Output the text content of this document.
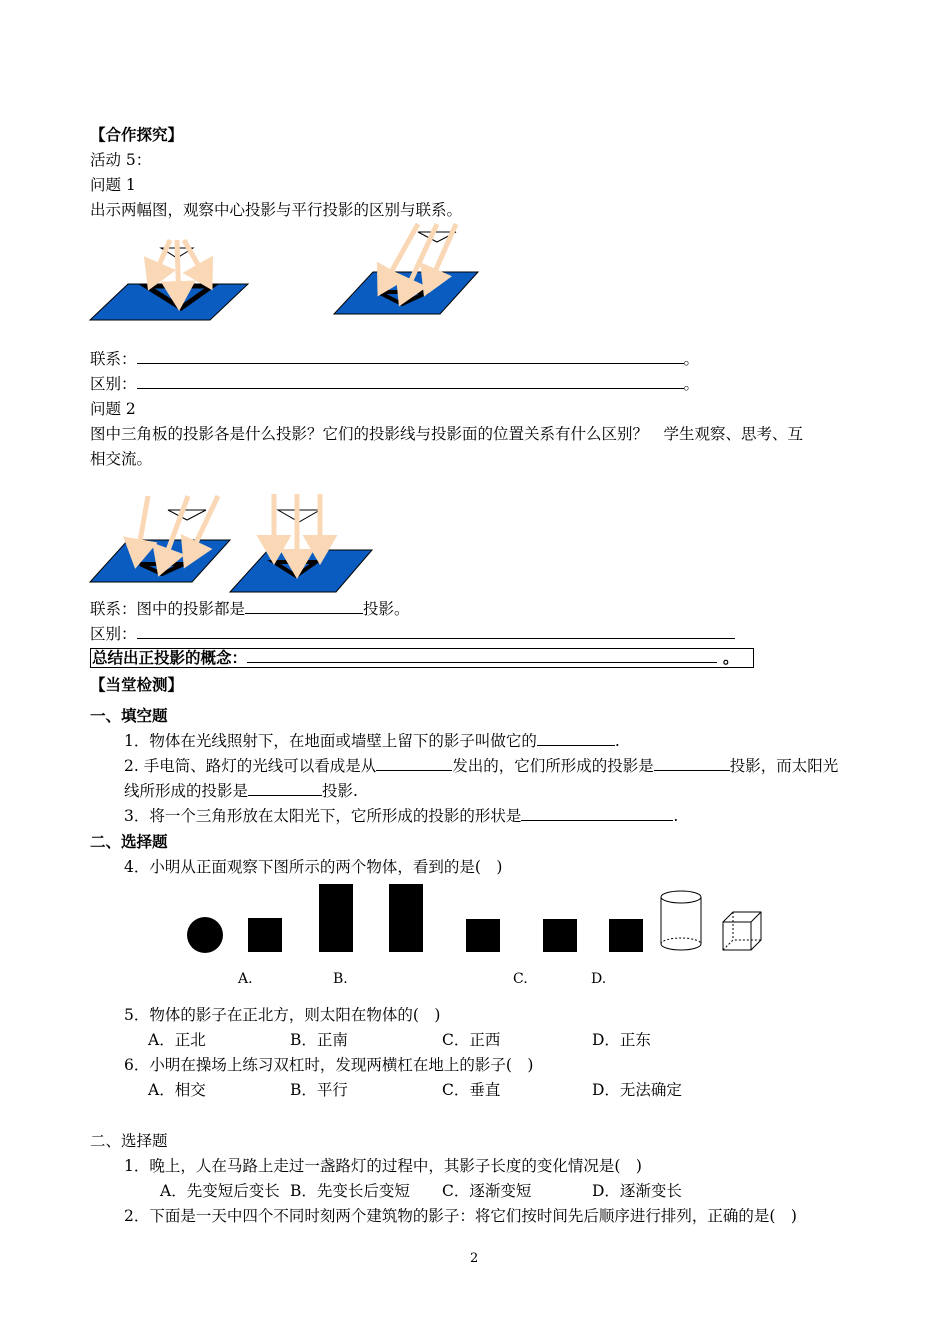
【合作探究】
活动 5：
问题 1
出示两幅图，观察中心投影与平行投影的区别与联系。
联系：	。
区别：	。
问题 2
图中三角板的投影各是什么投影？它们的投影线与投影面的位置关系有什么区别？　学生观察、思考、互
相交流。
联系：图中的投影都是	投影。
区别：
总结出正投影的概念：	。
【当堂检测】
一、填空题
1．物体在光线照射下，在地面或墙壁上留下的影子叫做它的	.
2. 手电筒、路灯的光线可以看成是从	发出的，它们所形成的投影是	投影，而太阳光
线所形成的投影是	投影.
3．将一个三角形放在太阳光下，它所形成的投影的形状是	.
二、选择题
4．小明从正面观察下图所示的两个物体，看到的是(　)
A.	B.	C.	D.
5．物体的影子在正北方，则太阳在物体的(　)
A．正北	B．正南	C．正西	D．正东
6．小明在操场上练习双杠时，发现两横杠在地上的影子(　)
A．相交	B．平行	C．垂直	D．无法确定
二、选择题
1．晚上，人在马路上走过一盏路灯的过程中，其影子长度的变化情况是(　)
A．先变短后变长 B．先变长后变短 C．逐渐变短	D．逐渐变长
2．下面是一天中四个不同时刻两个建筑物的影子：将它们按时间先后顺序进行排列，正确的是(　)
2
